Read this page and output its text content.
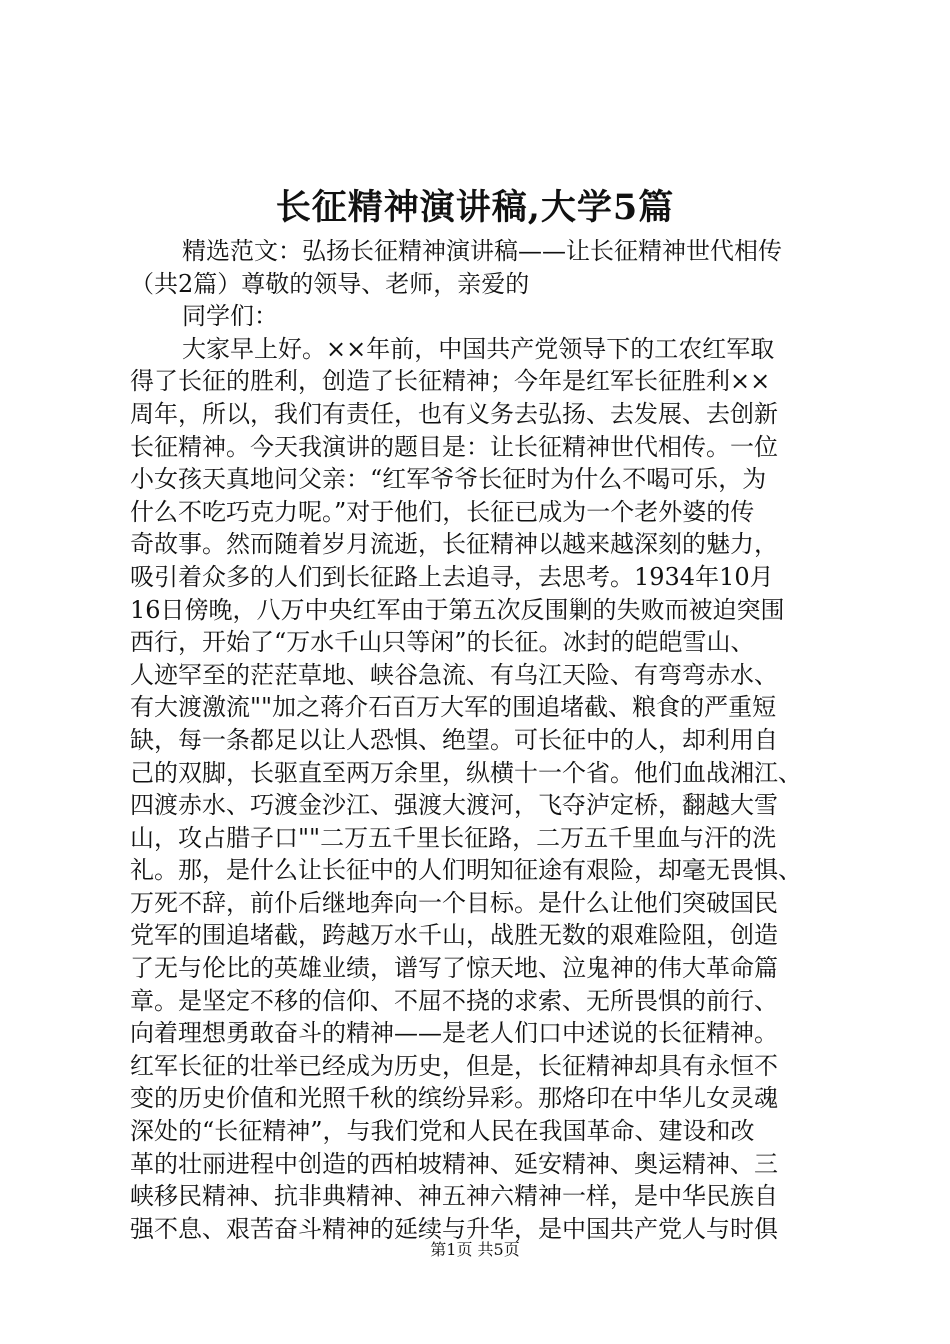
长征精神演讲稿,大学5篇
精选范文：弘扬长征精神演讲稿——让长征精神世代相传
（共2篇）尊敬的领导、老师，亲爱的
同学们：
大家早上好。××年前，中国共产党领导下的工农红军取
得了长征的胜利，创造了长征精神；今年是红军长征胜利××
周年，所以，我们有责任，也有义务去弘扬、去发展、去创新
长征精神。今天我演讲的题目是：让长征精神世代相传。一位
小女孩天真地问父亲：“红军爷爷长征时为什么不喝可乐，为
什么不吃巧克力呢。”对于他们，长征已成为一个老外婆的传
奇故事。然而随着岁月流逝，长征精神以越来越深刻的魅力，
吸引着众多的人们到长征路上去追寻，去思考。1934年10月
16日傍晚，八万中央红军由于第五次反围剿的失败而被迫突围
西行，开始了“万水千山只等闲”的长征。冰封的皑皑雪山、
人迹罕至的茫茫草地、峡谷急流、有乌江天险、有弯弯赤水、
有大渡激流""加之蒋介石百万大军的围追堵截、粮食的严重短
缺，每一条都足以让人恐惧、绝望。可长征中的人，却利用自
己的双脚，长驱直至两万余里，纵横十一个省。他们血战湘江、
四渡赤水、巧渡金沙江、强渡大渡河，飞夺泸定桥，翻越大雪
山，攻占腊子口""二万五千里长征路，二万五千里血与汗的洗
礼。那，是什么让长征中的人们明知征途有艰险，却毫无畏惧、
万死不辞，前仆后继地奔向一个目标。是什么让他们突破国民
党军的围追堵截，跨越万水千山，战胜无数的艰难险阻，创造
了无与伦比的英雄业绩，谱写了惊天地、泣鬼神的伟大革命篇
章。是坚定不移的信仰、不屈不挠的求索、无所畏惧的前行、
向着理想勇敢奋斗的精神——是老人们口中述说的长征精神。
红军长征的壮举已经成为历史，但是，长征精神却具有永恒不
变的历史价值和光照千秋的缤纷异彩。那烙印在中华儿女灵魂
深处的“长征精神”，与我们党和人民在我国革命、建设和改
革的壮丽进程中创造的西柏坡精神、延安精神、奥运精神、三
峡移民精神、抗非典精神、神五神六精神一样，是中华民族自
强不息、艰苦奋斗精神的延续与升华，是中国共产党人与时俱
第1页 共5页
